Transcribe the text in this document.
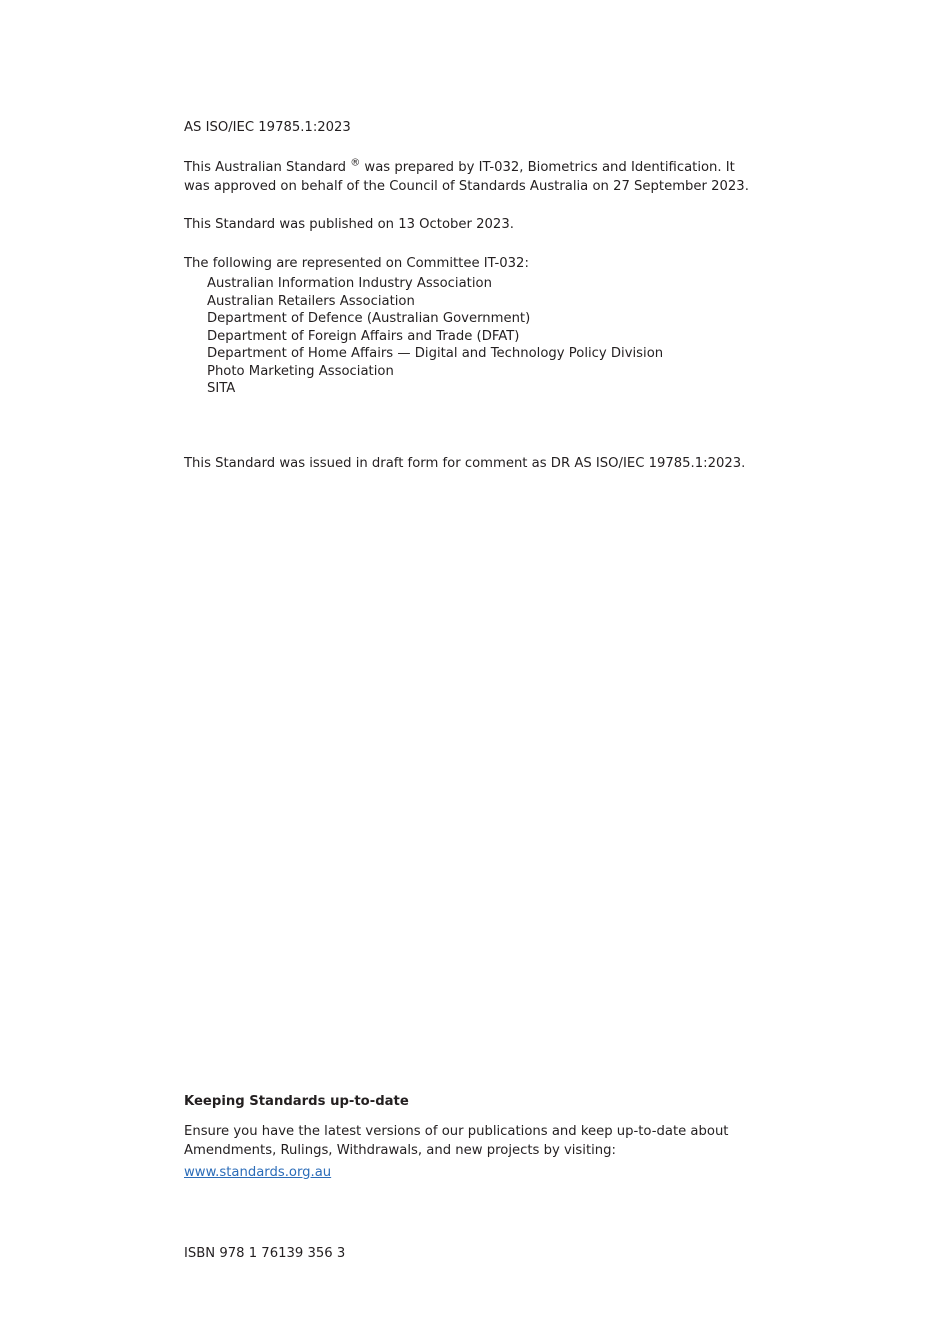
AS ISO/IEC 19785.1:2023

This Australian Standard ® was prepared by IT-032, Biometrics and Identification. It was approved on behalf of the Council of Standards Australia on 27 September 2023.

This Standard was published on 13 October 2023.

The following are represented on Committee IT-032:

Australian Information Industry Association
Australian Retailers Association
Department of Defence (Australian Government)
Department of Foreign Affairs and Trade (DFAT)
Department of Home Affairs — Digital and Technology Policy Division
Photo Marketing Association
SITA

This Standard was issued in draft form for comment as DR AS ISO/IEC 19785.1:2023.

Keeping Standards up-to-date

Ensure you have the latest versions of our publications and keep up-to-date about Amendments, Rulings, Withdrawals, and new projects by visiting:

www.standards.org.au
ISBN 978 1 76139 356 3
